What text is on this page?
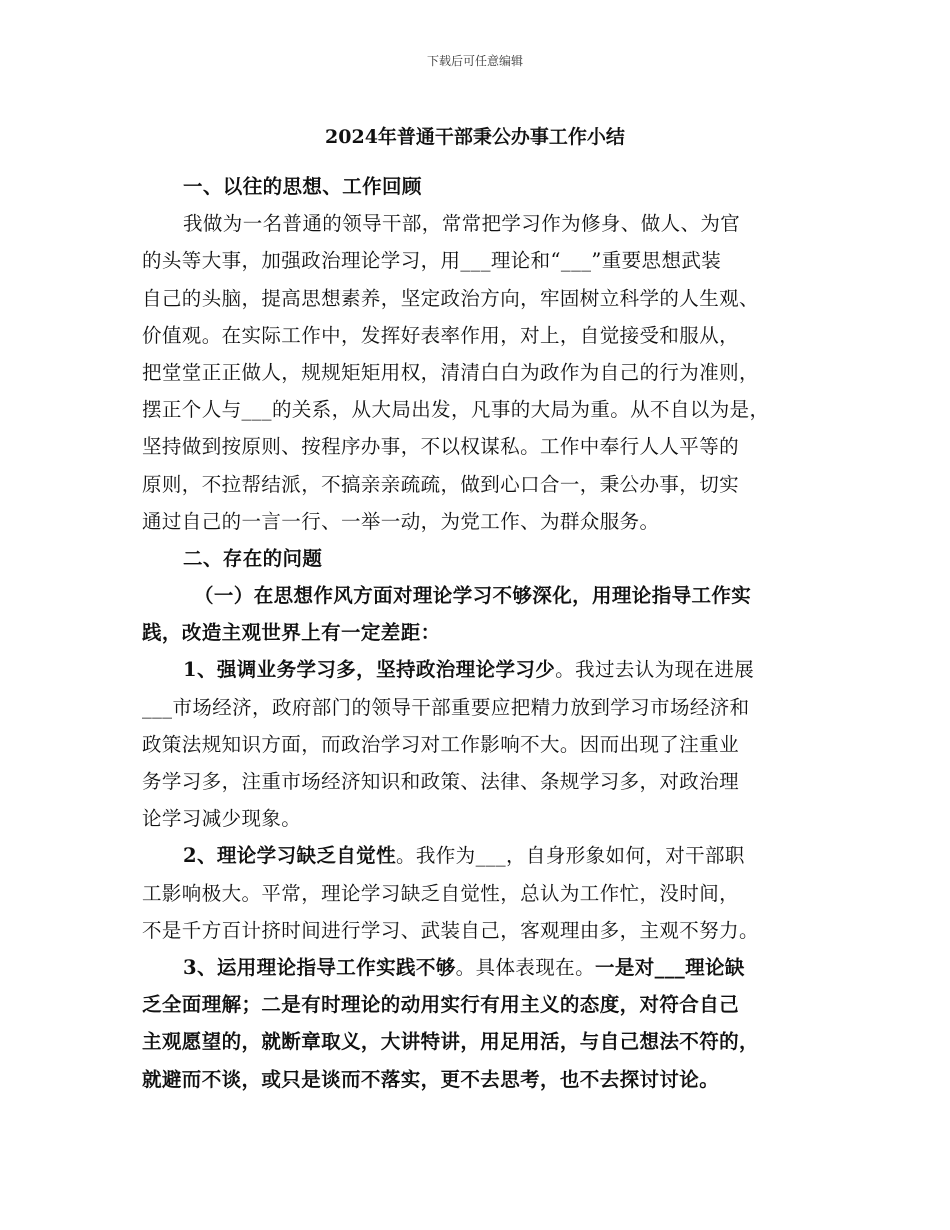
下载后可任意编辑
2024年普通干部秉公办事工作小结
一、以往的思想、工作回顾
我做为一名普通的领导干部，常常把学习作为修身、做人、为官
的头等大事，加强政治理论学习，用___理论和“___”重要思想武装
自己的头脑，提高思想素养，坚定政治方向，牢固树立科学的人生观、
价值观。在实际工作中，发挥好表率作用，对上，自觉接受和服从，
把堂堂正正做人，规规矩矩用权，清清白白为政作为自己的行为准则，
摆正个人与___的关系，从大局出发，凡事的大局为重。从不自以为是，
坚持做到按原则、按程序办事，不以权谋私。工作中奉行人人平等的
原则，不拉帮结派，不搞亲亲疏疏，做到心口合一，秉公办事，切实
通过自己的一言一行、一举一动，为党工作、为群众服务。
二、存在的问题
（一）在思想作风方面对理论学习不够深化，用理论指导工作实
践，改造主观世界上有一定差距：
1、强调业务学习多，坚持政治理论学习少。我过去认为现在进展
___市场经济，政府部门的领导干部重要应把精力放到学习市场经济和
政策法规知识方面，而政治学习对工作影响不大。因而出现了注重业
务学习多，注重市场经济知识和政策、法律、条规学习多，对政治理
论学习减少现象。
2、理论学习缺乏自觉性。我作为___，自身形象如何，对干部职
工影响极大。平常，理论学习缺乏自觉性，总认为工作忙，没时间，
不是千方百计挤时间进行学习、武装自己，客观理由多，主观不努力。
3、运用理论指导工作实践不够。具体表现在。一是对___理论缺
乏全面理解；二是有时理论的动用实行有用主义的态度，对符合自己
主观愿望的，就断章取义，大讲特讲，用足用活，与自己想法不符的，
就避而不谈，或只是谈而不落实，更不去思考，也不去探讨讨论。
